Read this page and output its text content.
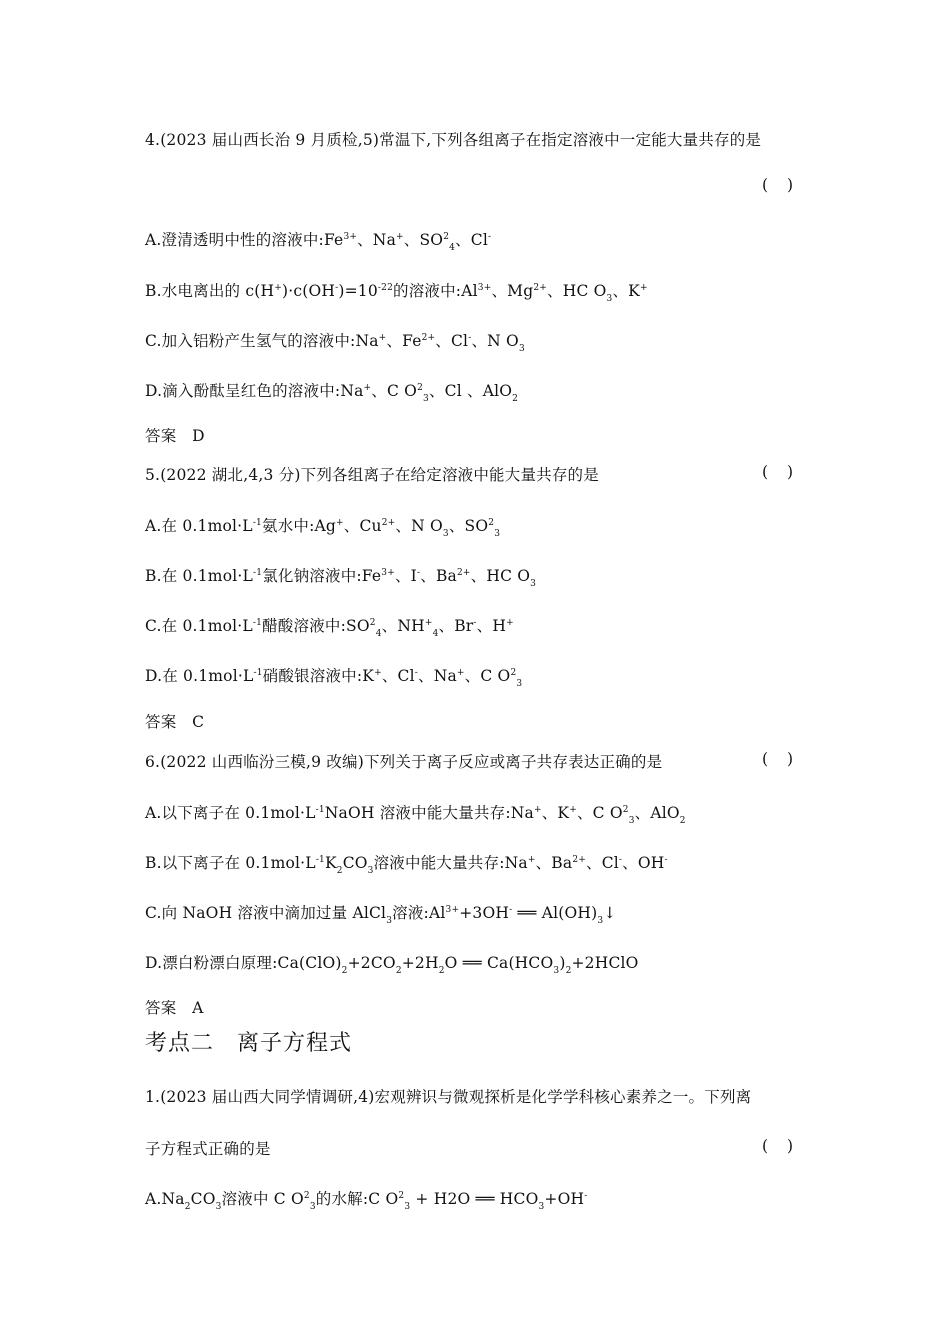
4.(2023 届山西长治 9 月质检,5)常温下,下列各组离子在指定溶液中一定能大量共存的是
( )
A.澄清透明中性的溶液中$:Fe^{3+}$、Na+、$SO^2_4$、Cl-
B.水电离出的 $c(H^+)\cdot c(OH^-)=10^{-22}$的溶液中$:Al^{3+}$、$Mg^{2+}$、HC $O_3$、K+
C.加入铝粉产生氢气的溶液中:Na+、$Fe^{2+}$、Cl-、N $O_3$
D.滴入酚酞呈红色的溶液中:Na+、C $O^2_3$、Cl 、AlO$_2$
答案　D
5.(2022 湖北,4,3 分)下列各组离子在给定溶液中能大量共存的是	( )
A.在 $0.1mol\cdot L^{-1}$氨水中:Ag+、$Cu^{2+}$、N $O_3$、$SO^2_3$
B.在 $0.1mol\cdot L^{-1}$氯化钠溶液中$:Fe^{3+}$、I-、$Ba^{2+}$、HC $O_3$
C.在 $0.1mol\cdot L^{-1}$醋酸溶液中$:SO^2_4$、$NH^+_4$、Br-、H+
D.在 $0.1mol\cdot L^{-1}$硝酸银溶液中:K+、Cl-、Na+、C $O^2_3$
答案　C
6.(2022 山西临汾三模,9 改编)下列关于离子反应或离子共存表达正确的是	( )
A.以下离子在 $0.1mol\cdot L^{-1}NaOH$ 溶液中能大量共存:Na+、K+、C $O^2_3$、AlO$_2$
B.以下离子在 $0.1mol\cdot L^{-1}K_2CO_3$溶液中能大量共存:Na+、$Ba^{2+}$、Cl-、OH-
C.向 NaOH 溶液中滴加过量 AlCl$_3$溶液$:Al^{3+}+3OH^-$ ══ $Al(OH)_3↓$
D.漂白粉漂白原理$:Ca(ClO)_2+2CO_2+2H_2O$ ══ $Ca(HCO_3)_2+2HClO$
答案　A
考点二　离子方程式
1.(2023 届山西大同学情调研,4)宏观辨识与微观探析是化学学科核心素养之一。下列离
子方程式正确的是	( )
$A.Na_2CO_3$溶液中 C $O^2_3$的水解:C $O^2_3 + H2O$ ══ $HCO_3+OH^-$
